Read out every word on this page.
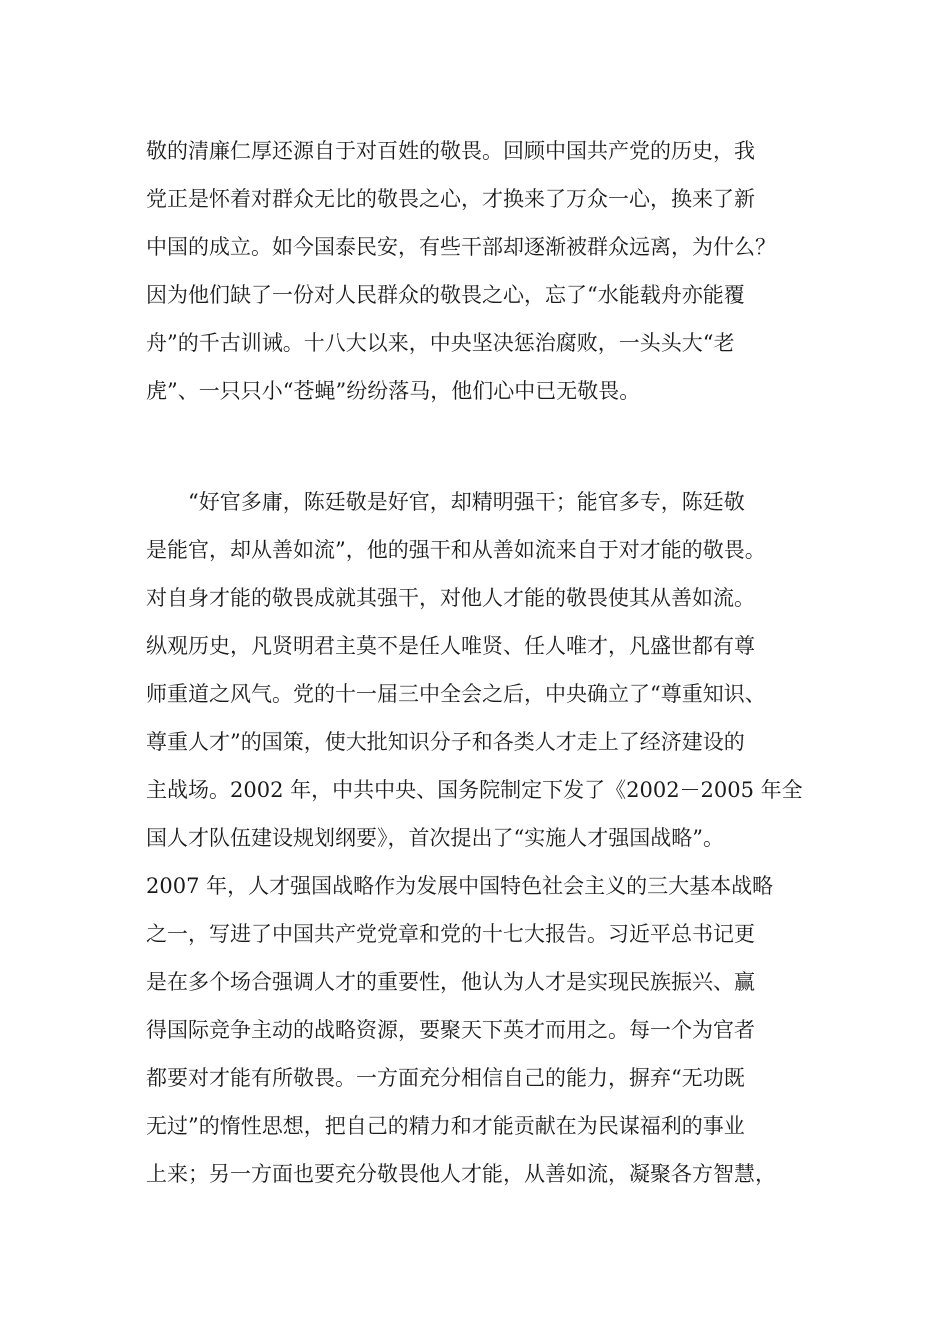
敬的清廉仁厚还源自于对百姓的敬畏。回顾中国共产党的历史，我
党正是怀着对群众无比的敬畏之心，才换来了万众一心，换来了新
中国的成立。如今国泰民安，有些干部却逐渐被群众远离，为什么？
因为他们缺了一份对人民群众的敬畏之心，忘了“水能载舟亦能覆
舟”的千古训诫。十八大以来，中央坚决惩治腐败，一头头大“老
虎”、一只只小“苍蝇”纷纷落马，他们心中已无敬畏。
“好官多庸，陈廷敬是好官，却精明强干；能官多专，陈廷敬
是能官，却从善如流”，他的强干和从善如流来自于对才能的敬畏。
对自身才能的敬畏成就其强干，对他人才能的敬畏使其从善如流。
纵观历史，凡贤明君主莫不是任人唯贤、任人唯才，凡盛世都有尊
师重道之风气。党的十一届三中全会之后，中央确立了“尊重知识、
尊重人才”的国策，使大批知识分子和各类人才走上了经济建设的
主战场。2002 年，中共中央、国务院制定下发了《2002－2005 年全
国人才队伍建设规划纲要》，首次提出了“实施人才强国战略”。
2007 年，人才强国战略作为发展中国特色社会主义的三大基本战略
之一，写进了中国共产党党章和党的十七大报告。习近平总书记更
是在多个场合强调人才的重要性，他认为人才是实现民族振兴、赢
得国际竞争主动的战略资源，要聚天下英才而用之。每一个为官者
都要对才能有所敬畏。一方面充分相信自己的能力，摒弃“无功既
无过”的惰性思想，把自己的精力和才能贡献在为民谋福利的事业
上来；另一方面也要充分敬畏他人才能，从善如流，凝聚各方智慧，
